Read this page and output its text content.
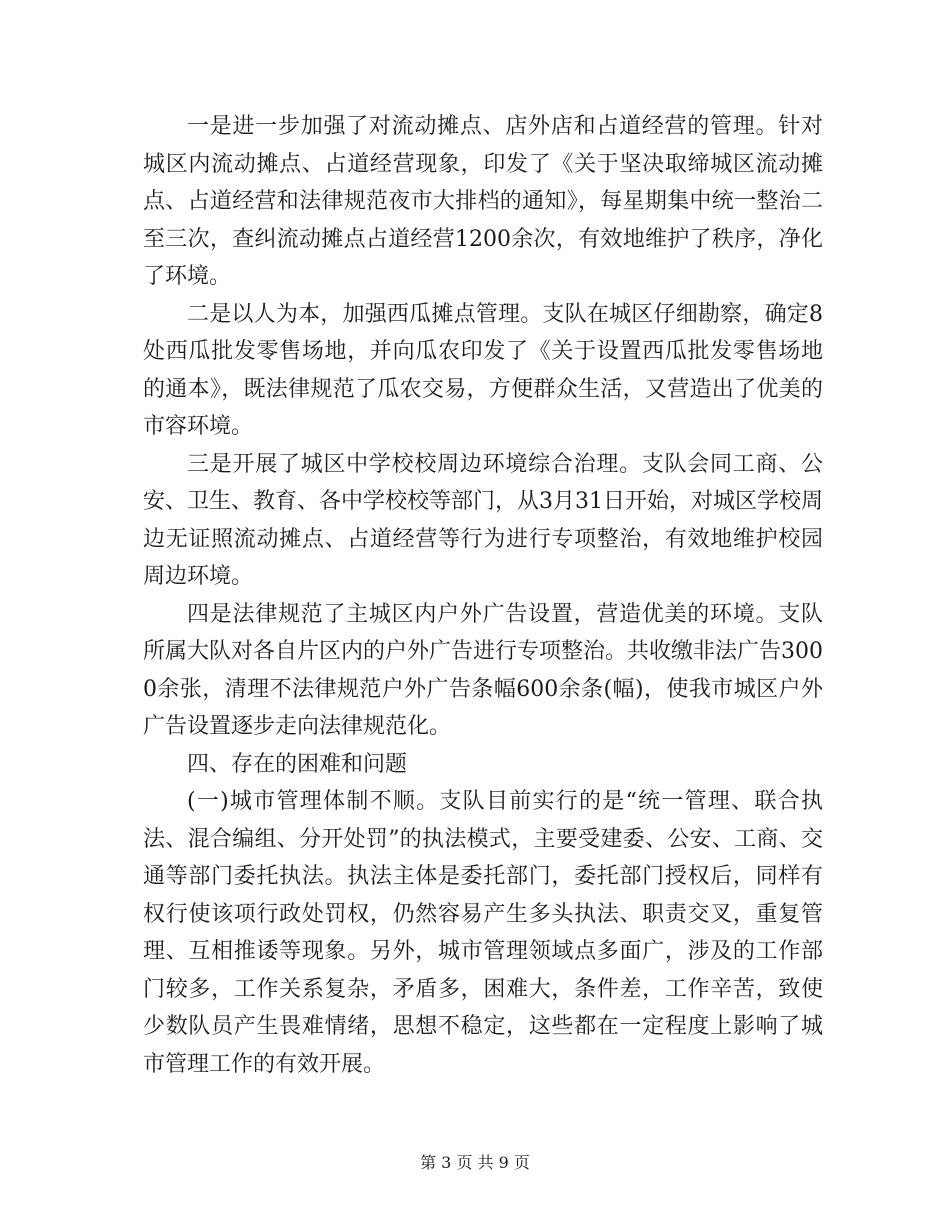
一是进一步加强了对流动摊点、店外店和占道经营的管理。针对城区内流动摊点、占道经营现象，印发了《关于坚决取缔城区流动摊点、占道经营和法律规范夜市大排档的通知》，每星期集中统一整治二至三次，查纠流动摊点占道经营1200余次，有效地维护了秩序，净化了环境。

二是以人为本，加强西瓜摊点管理。支队在城区仔细勘察，确定8处西瓜批发零售场地，并向瓜农印发了《关于设置西瓜批发零售场地的通本》，既法律规范了瓜农交易，方便群众生活，又营造出了优美的市容环境。

三是开展了城区中学校校周边环境综合治理。支队会同工商、公安、卫生、教育、各中学校校等部门，从3月31日开始，对城区学校周边无证照流动摊点、占道经营等行为进行专项整治，有效地维护校园周边环境。

四是法律规范了主城区内户外广告设置，营造优美的环境。支队所属大队对各自片区内的户外广告进行专项整治。共收缴非法广告3000余张，清理不法律规范户外广告条幅600余条(幅)，使我市城区户外广告设置逐步走向法律规范化。

四、存在的困难和问题

(一)城市管理体制不顺。支队目前实行的是“统一管理、联合执法、混合编组、分开处罚”的执法模式，主要受建委、公安、工商、交通等部门委托执法。执法主体是委托部门，委托部门授权后，同样有权行使该项行政处罚权，仍然容易产生多头执法、职责交叉，重复管理、互相推诿等现象。另外，城市管理领域点多面广，涉及的工作部门较多，工作关系复杂，矛盾多，困难大，条件差，工作辛苦，致使少数队员产生畏难情绪，思想不稳定，这些都在一定程度上影响了城市管理工作的有效开展。

第 3 页 共 9 页
